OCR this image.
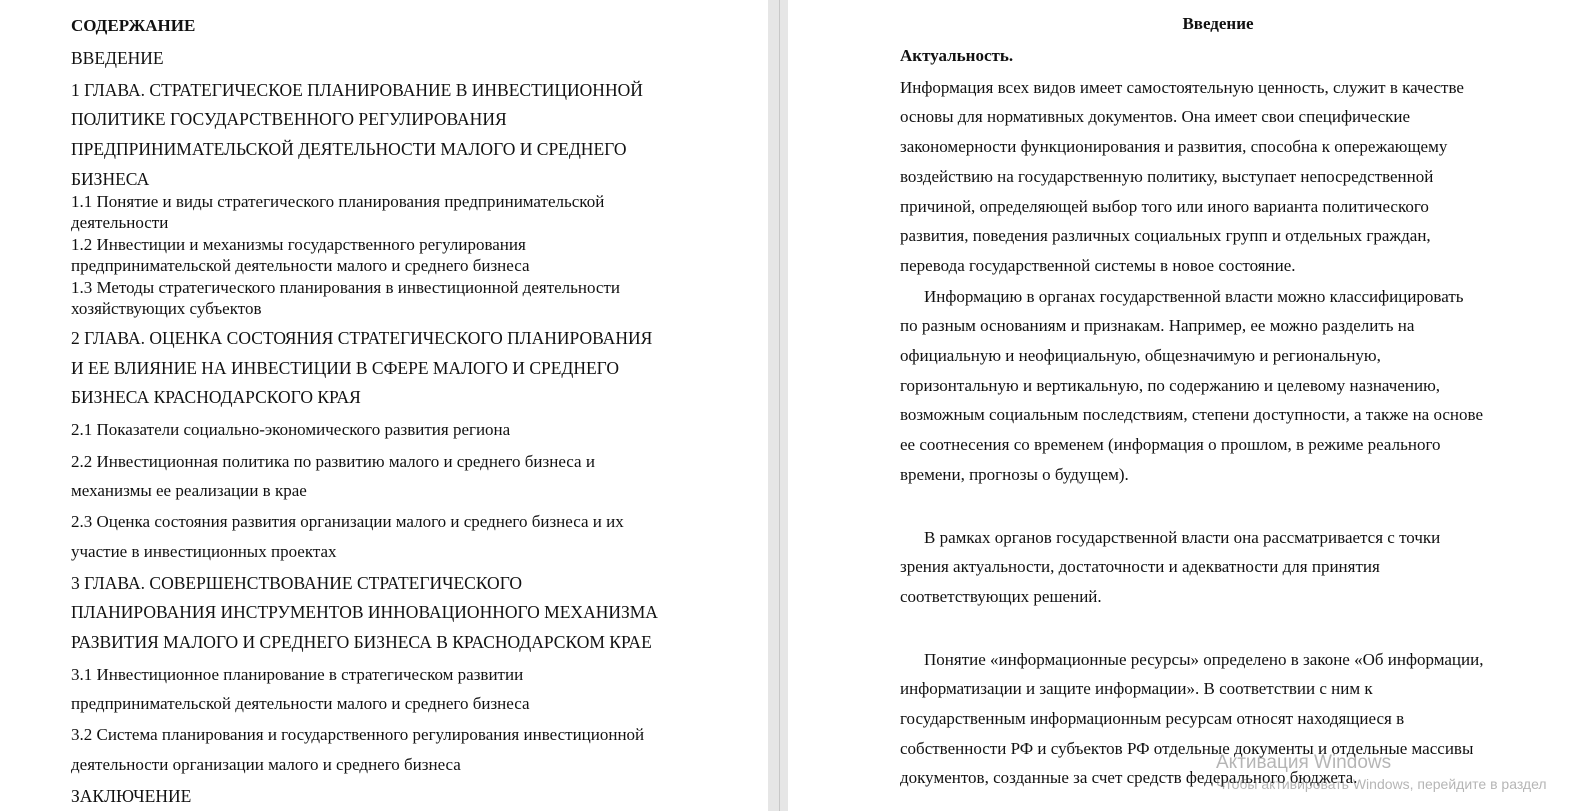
СОДЕРЖАНИЕ
ВВЕДЕНИЕ
1 ГЛАВА. СТРАТЕГИЧЕСКОЕ ПЛАНИРОВАНИЕ В ИНВЕСТИЦИОННОЙ
ПОЛИТИКЕ ГОСУДАРСТВЕННОГО РЕГУЛИРОВАНИЯ
ПРЕДПРИНИМАТЕЛЬСКОЙ ДЕЯТЕЛЬНОСТИ МАЛОГО И СРЕДНЕГО
БИЗНЕСА
1.1 Понятие и виды стратегического планирования предпринимательской
деятельности
1.2 Инвестиции и механизмы государственного регулирования
предпринимательской деятельности малого и среднего бизнеса
1.3 Методы стратегического планирования в инвестиционной деятельности
хозяйствующих субъектов
2 ГЛАВА. ОЦЕНКА СОСТОЯНИЯ СТРАТЕГИЧЕСКОГО ПЛАНИРОВАНИЯ
И ЕЕ ВЛИЯНИЕ НА ИНВЕСТИЦИИ В СФЕРЕ МАЛОГО И СРЕДНЕГО
БИЗНЕСА КРАСНОДАРСКОГО КРАЯ
2.1 Показатели социально-экономического развития региона
2.2 Инвестиционная политика по развитию малого и среднего бизнеса и
механизмы ее реализации в крае
2.3 Оценка состояния развития организации малого и среднего бизнеса и их
участие в инвестиционных проектах
3 ГЛАВА. СОВЕРШЕНСТВОВАНИЕ СТРАТЕГИЧЕСКОГО
ПЛАНИРОВАНИЯ ИНСТРУМЕНТОВ ИННОВАЦИОННОГО МЕХАНИЗМА
РАЗВИТИЯ МАЛОГО И СРЕДНЕГО БИЗНЕСА В КРАСНОДАРСКОМ КРАЕ
3.1 Инвестиционное планирование в стратегическом развитии
предпринимательской деятельности малого и среднего бизнеса
3.2 Система планирования и государственного регулирования инвестиционной
деятельности организации малого и среднего бизнеса
ЗАКЛЮЧЕНИЕ
Введение
Актуальность.
Информация всех видов имеет самостоятельную ценность, служит в качестве
основы для нормативных документов. Она имеет свои специфические
закономерности функционирования и развития, способна к опережающему
воздействию на государственную политику, выступает непосредственной
причиной, определяющей выбор того или иного варианта политического
развития, поведения различных социальных групп и отдельных граждан,
перевода государственной системы в новое состояние.
Информацию в органах государственной власти можно классифицировать
по разным основаниям и признакам. Например, ее можно разделить на
официальную и неофициальную, общезначимую и региональную,
горизонтальную и вертикальную, по содержанию и целевому назначению,
возможным социальным последствиям, степени доступности, а также на основе
ее соотнесения со временем (информация о прошлом, в режиме реального
времени, прогнозы о будущем).
В рамках органов государственной власти она рассматривается с точки
зрения актуальности, достаточности и адекватности для принятия
соответствующих решений.
Понятие «информационные ресурсы» определено в законе «Об информации,
информатизации и защите информации». В соответствии с ним к
государственным информационным ресурсам относят находящиеся в
собственности РФ и субъектов РФ отдельные документы и отдельные массивы
документов, созданные за счет средств федерального бюджета.
Активация Windows
Чтобы активировать Windows, перейдите в раздел
